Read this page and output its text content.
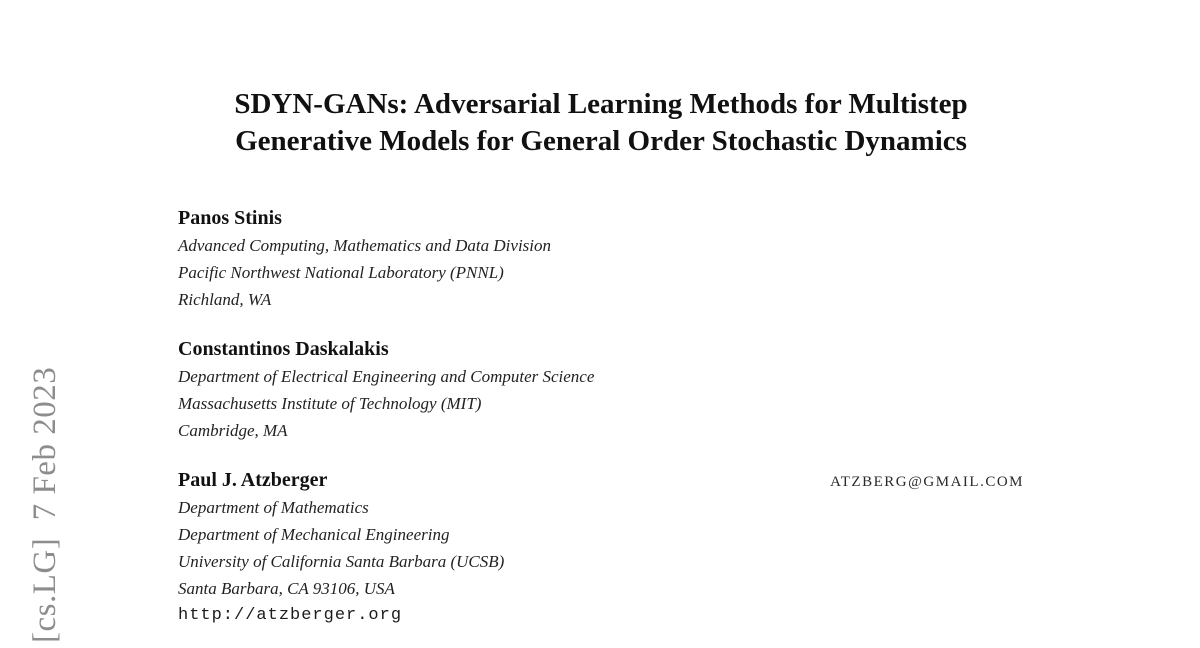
[cs.LG]  7 Feb 2023
SDYN-GANs: Adversarial Learning Methods for Multistep
Generative Models for General Order Stochastic Dynamics
Panos Stinis
Advanced Computing, Mathematics and Data Division
Pacific Northwest National Laboratory (PNNL)
Richland, WA
Constantinos Daskalakis
Department of Electrical Engineering and Computer Science
Massachusetts Institute of Technology (MIT)
Cambridge, MA
Paul J. Atzberger	ATZBERG@GMAIL.COM
Department of Mathematics
Department of Mechanical Engineering
University of California Santa Barbara (UCSB)
Santa Barbara, CA 93106, USA
http://atzberger.org
